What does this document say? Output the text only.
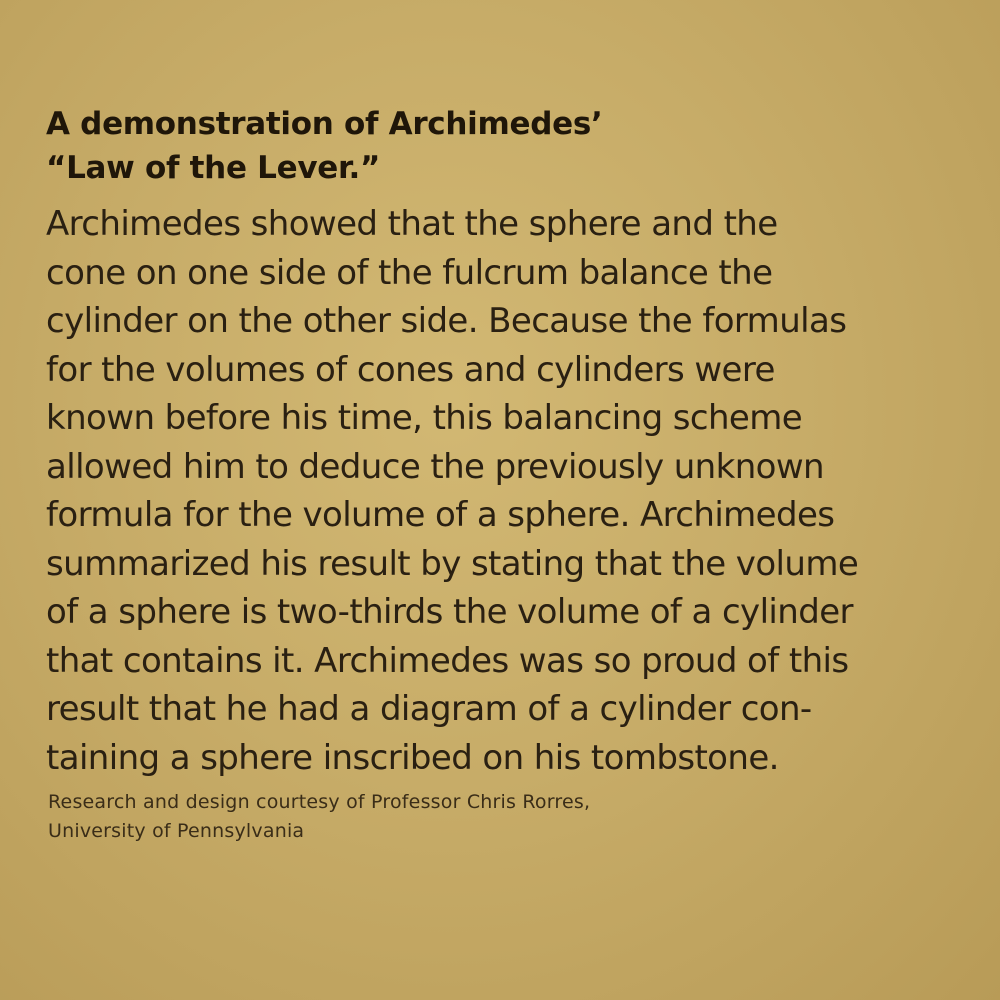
A demonstration of Archimedes’
“Law of the Lever.”

Archimedes showed that the sphere and the
cone on one side of the fulcrum balance the
cylinder on the other side. Because the formulas
for the volumes of cones and cylinders were
known before his time, this balancing scheme
allowed him to deduce the previously unknown
formula for the volume of a sphere. Archimedes
summarized his result by stating that the volume
of a sphere is two-thirds the volume of a cylinder
that contains it. Archimedes was so proud of this
result that he had a diagram of a cylinder con-
taining a sphere inscribed on his tombstone.

Research and design courtesy of Professor Chris Rorres,
University of Pennsylvania
